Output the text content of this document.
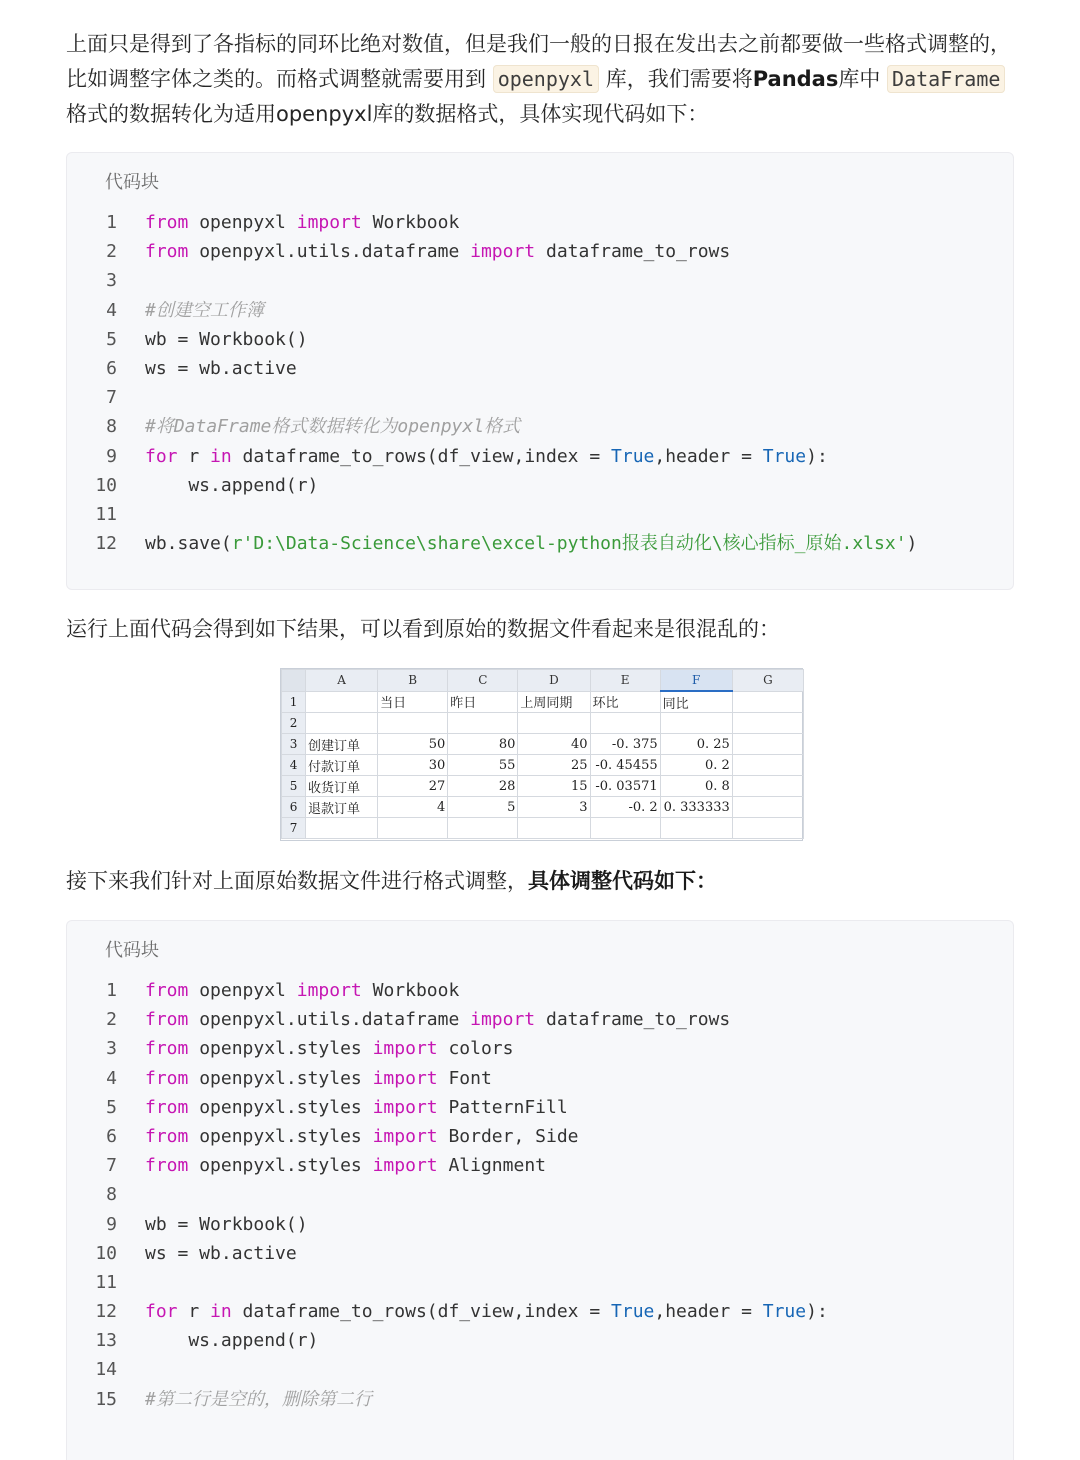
上面只是得到了各指标的同环比绝对数值，但是我们一般的日报在发出去之前都要做一些格式调整的，比如调整字体之类的。而格式调整就需要用到 openpyxl 库，我们需要将Pandas库中 DataFrame 格式的数据转化为适用openpyxl库的数据格式，具体实现代码如下：
代码块
1 from openpyxl import Workbook
2 from openpyxl.utils.dataframe import dataframe_to_rows
3
4 #创建空工作簿
5 wb = Workbook()
6 ws = wb.active
7
8 #将DataFrame格式数据转化为openpyxl格式
9 for r in dataframe_to_rows(df_view,index = True,header = True):
10 ws.append(r)
11
12 wb.save(r'D:\Data-Science\share\excel-python报表自动化\核心指标_原始.xlsx')
运行上面代码会得到如下结果，可以看到原始的数据文件看起来是很混乱的：
	A	B	C	D	E	F	G
1		当日	昨日	上周同期	环比	同比	
2							
3	创建订单	50	80	40	-0. 375	0. 25	
4	付款订单	30	55	25	-0. 45455	0. 2	
5	收货订单	27	28	15	-0. 03571	0. 8	
6	退款订单	4	5	3	-0. 2	0. 333333	
7							
接下来我们针对上面原始数据文件进行格式调整，具体调整代码如下：
代码块
1 from openpyxl import Workbook
2 from openpyxl.utils.dataframe import dataframe_to_rows
3 from openpyxl.styles import colors
4 from openpyxl.styles import Font
5 from openpyxl.styles import PatternFill
6 from openpyxl.styles import Border, Side
7 from openpyxl.styles import Alignment
8
9 wb = Workbook()
10 ws = wb.active
11
12 for r in dataframe_to_rows(df_view,index = True,header = True):
13 ws.append(r)
14
15 #第二行是空的，删除第二行
